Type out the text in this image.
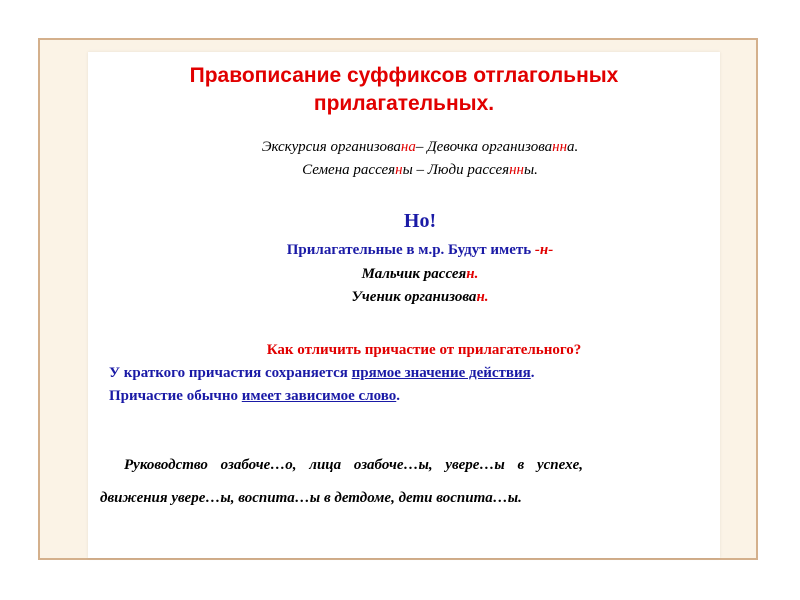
Правописание суффиксов отглагольных
прилагательных.
Экскурсия организована– Девочка организованна.
Семена рассеяны – Люди рассеянны.
Но!
Прилагательные в м.р. Будут иметь -н-
Мальчик рассеян.
Ученик организован.
Как отличить причастие от прилагательного?
У краткого причастия сохраняется прямое значение действия.
Причастие обычно имеет зависимое слово.
Руководство озабоче…о, лица озабоче…ы, увере…ы в успехе,
движения увере…ы, воспита…ы в детдоме, дети воспита…ы.
